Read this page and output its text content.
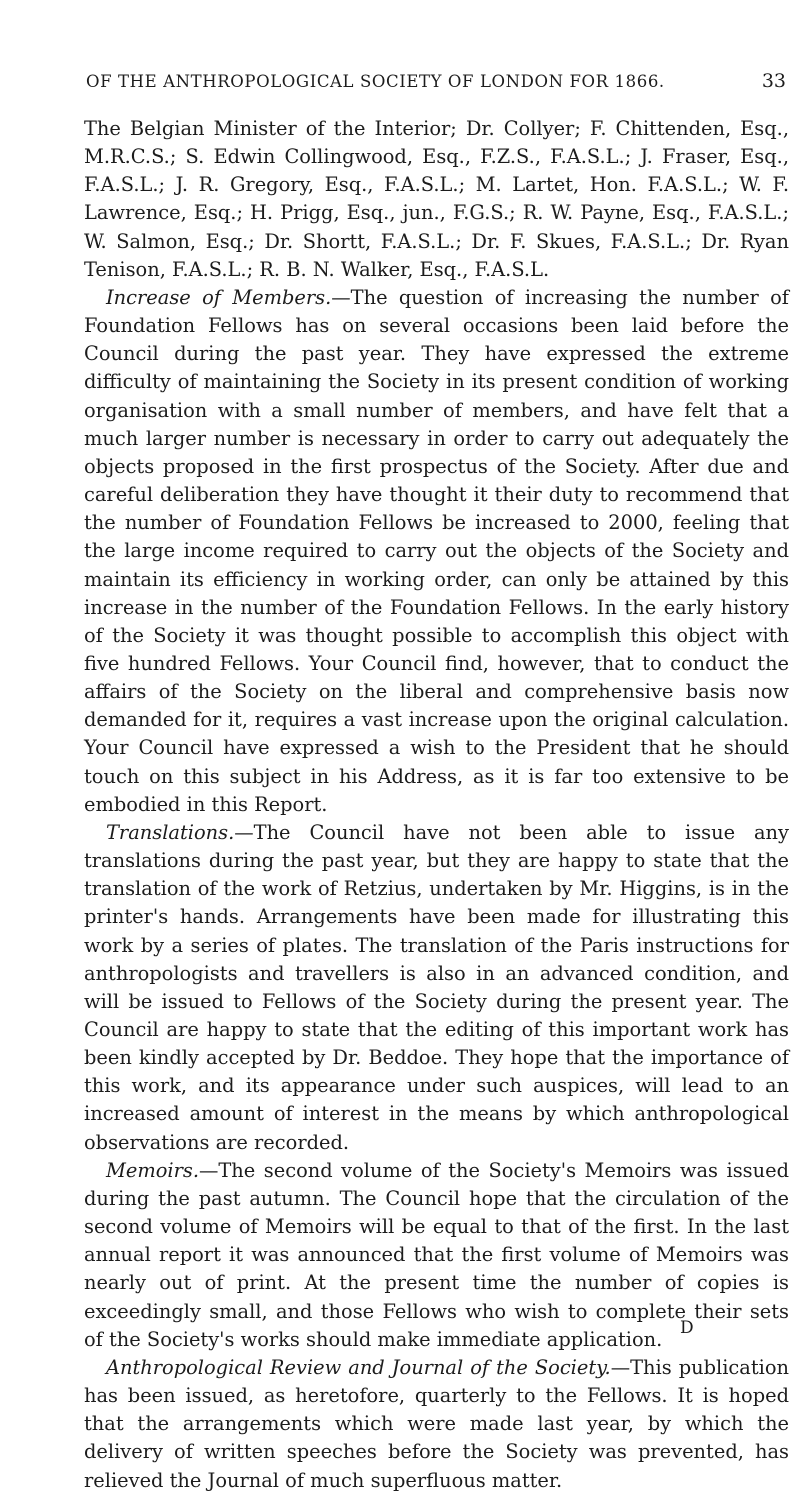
OF THE ANTHROPOLOGICAL SOCIETY OF LONDON FOR 1866.	33

The Belgian Minister of the Interior; Dr. Collyer; F. Chittenden, Esq., M.R.C.S.; S. Edwin Collingwood, Esq., F.Z.S., F.A.S.L.; J. Fraser, Esq., F.A.S.L.; J. R. Gregory, Esq., F.A.S.L.; M. Lartet, Hon. F.A.S.L.; W. F. Lawrence, Esq.; H. Prigg, Esq., jun., F.G.S.; R. W. Payne, Esq., F.A.S.L.; W. Salmon, Esq.; Dr. Shortt, F.A.S.L.; Dr. F. Skues, F.A.S.L.; Dr. Ryan Tenison, F.A.S.L.; R. B. N. Walker, Esq., F.A.S.L.

Increase of Members.—The question of increasing the number of Foundation Fellows has on several occasions been laid before the Council during the past year. They have expressed the extreme difficulty of maintaining the Society in its present condition of working organisation with a small number of members, and have felt that a much larger number is necessary in order to carry out adequately the objects proposed in the first prospectus of the Society. After due and careful deliberation they have thought it their duty to recommend that the number of Foundation Fellows be increased to 2000, feeling that the large income required to carry out the objects of the Society and maintain its efficiency in working order, can only be attained by this increase in the number of the Foundation Fellows. In the early history of the Society it was thought possible to accomplish this object with five hundred Fellows. Your Council find, however, that to conduct the affairs of the Society on the liberal and comprehensive basis now demanded for it, requires a vast increase upon the original calculation. Your Council have expressed a wish to the President that he should touch on this subject in his Address, as it is far too extensive to be embodied in this Report.

Translations.—The Council have not been able to issue any translations during the past year, but they are happy to state that the translation of the work of Retzius, undertaken by Mr. Higgins, is in the printer's hands. Arrangements have been made for illustrating this work by a series of plates. The translation of the Paris instructions for anthropologists and travellers is also in an advanced condition, and will be issued to Fellows of the Society during the present year. The Council are happy to state that the editing of this important work has been kindly accepted by Dr. Beddoe. They hope that the importance of this work, and its appearance under such auspices, will lead to an increased amount of interest in the means by which anthropological observations are recorded.

Memoirs.—The second volume of the Society's Memoirs was issued during the past autumn. The Council hope that the circulation of the second volume of Memoirs will be equal to that of the first. In the last annual report it was announced that the first volume of Memoirs was nearly out of print. At the present time the number of copies is exceedingly small, and those Fellows who wish to complete their sets of the Society's works should make immediate application.

Anthropological Review and Journal of the Society.—This publication has been issued, as heretofore, quarterly to the Fellows. It is hoped that the arrangements which were made last year, by which the delivery of written speeches before the Society was prevented, has relieved the Journal of much superfluous matter.

D
